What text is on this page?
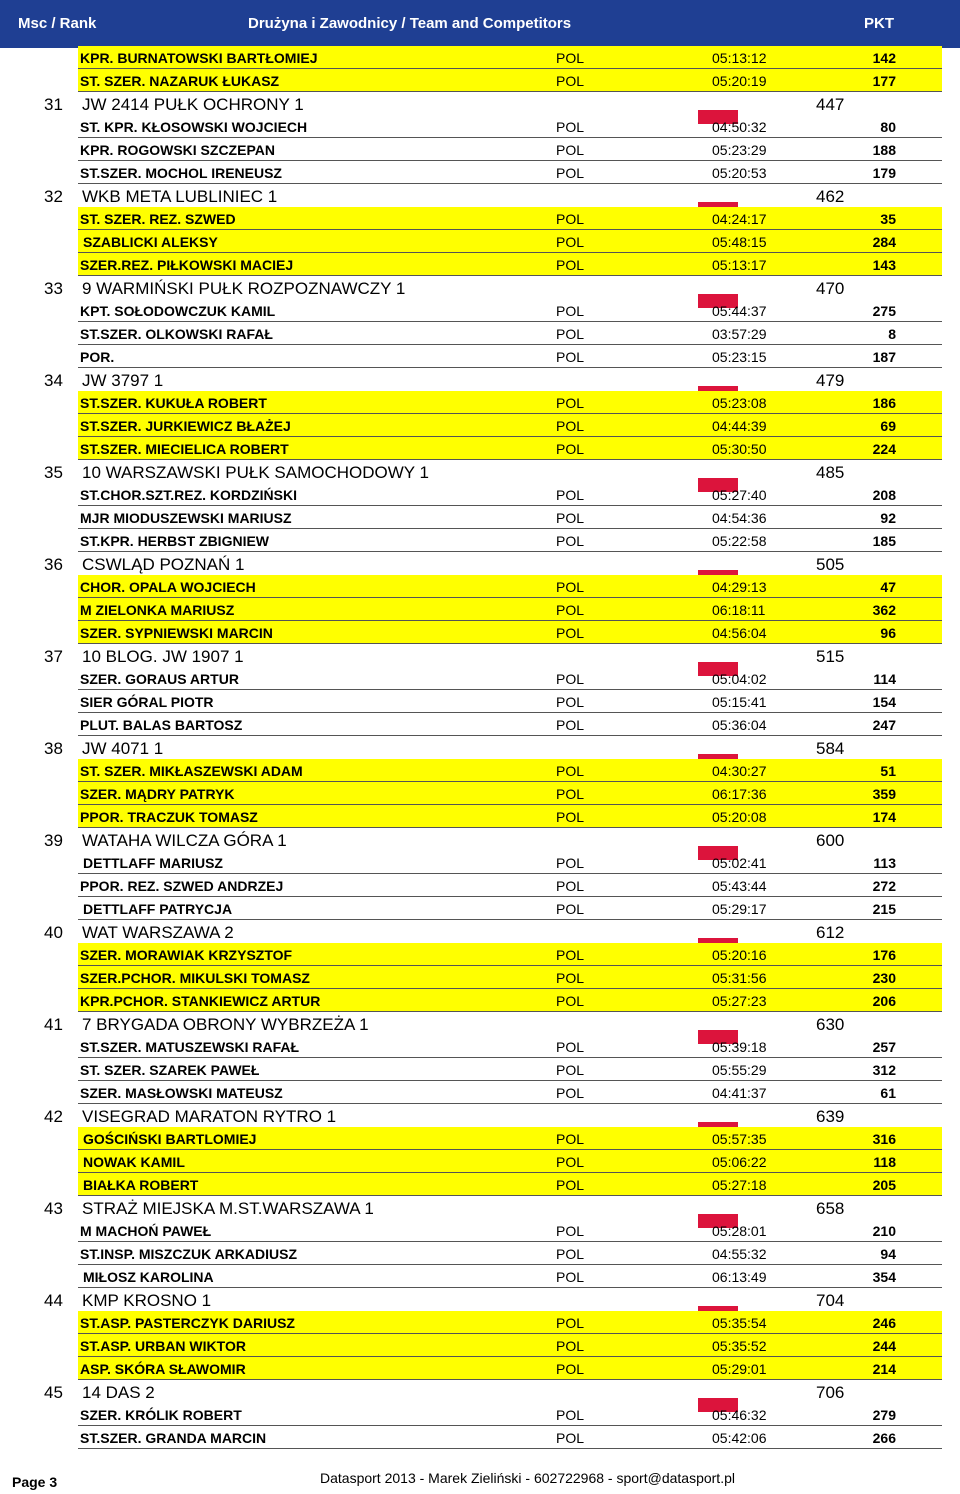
Msc / Rank	Drużyna i Zawodnicy / Team and Competitors	PKT
KPR. BURNATOWSKI BARTŁOMIEJ	POL	05:13:12	142
ST. SZER. NAZARUK ŁUKASZ	POL	05:20:19	177
31 JW 2414 PUŁK OCHRONY 1	447
ST. KPR. KŁOSOWSKI WOJCIECH	POL	04:50:32	80
KPR. ROGOWSKI SZCZEPAN	POL	05:23:29	188
ST.SZER. MOCHOL IRENEUSZ	POL	05:20:53	179
32 WKB META LUBLINIEC 1	462
ST. SZER. REZ. SZWED	POL	04:24:17	35
SZABLICKI ALEKSY	POL	05:48:15	284
SZER.REZ. PIŁKOWSKI MACIEJ	POL	05:13:17	143
33 9 WARMIŃSKI PUŁK ROZPOZNAWCZY 1	470
KPT. SOŁODOWCZUK KAMIL	POL	05:44:37	275
ST.SZER. OLKOWSKI RAFAŁ	POL	03:57:29	8
POR.	POL	05:23:15	187
34 JW 3797 1	479
ST.SZER. KUKUŁA ROBERT	POL	05:23:08	186
ST.SZER. JURKIEWICZ BŁAŻEJ	POL	04:44:39	69
ST.SZER. MIECIELICA ROBERT	POL	05:30:50	224
35 10 WARSZAWSKI PUŁK SAMOCHODOWY 1	485
ST.CHOR.SZT.REZ. KORDZIŃSKI	POL	05:27:40	208
MJR MIODUSZEWSKI MARIUSZ	POL	04:54:36	92
ST.KPR. HERBST ZBIGNIEW	POL	05:22:58	185
36 CSWLĄD POZNAŃ 1	505
CHOR. OPALA WOJCIECH	POL	04:29:13	47
M ZIELONKA MARIUSZ	POL	06:18:11	362
SZER. SYPNIEWSKI MARCIN	POL	04:56:04	96
37 10 BLOG. JW 1907 1	515
SZER. GORAUS ARTUR	POL	05:04:02	114
SIER GÓRAL PIOTR	POL	05:15:41	154
PLUT. BALAS BARTOSZ	POL	05:36:04	247
38 JW 4071 1	584
ST. SZER. MIKŁASZEWSKI ADAM	POL	04:30:27	51
SZER. MĄDRY PATRYK	POL	06:17:36	359
PPOR. TRACZUK TOMASZ	POL	05:20:08	174
39 WATAHA WILCZA GÓRA 1	600
DETTLAFF MARIUSZ	POL	05:02:41	113
PPOR. REZ. SZWED ANDRZEJ	POL	05:43:44	272
DETTLAFF PATRYCJA	POL	05:29:17	215
40 WAT WARSZAWA 2	612
SZER. MORAWIAK KRZYSZTOF	POL	05:20:16	176
SZER.PCHOR. MIKULSKI TOMASZ	POL	05:31:56	230
KPR.PCHOR. STANKIEWICZ ARTUR	POL	05:27:23	206
41 7 BRYGADA OBRONY WYBRZEŻA 1	630
ST.SZER. MATUSZEWSKI RAFAŁ	POL	05:39:18	257
ST. SZER. SZAREK PAWEŁ	POL	05:55:29	312
SZER. MASŁOWSKI MATEUSZ	POL	04:41:37	61
42 VISEGRAD MARATON RYTRO 1	639
GOŚCIŃSKI BARTLOMIEJ	POL	05:57:35	316
NOWAK KAMIL	POL	05:06:22	118
BIAŁKA ROBERT	POL	05:27:18	205
43 STRAŻ MIEJSKA M.ST.WARSZAWA 1	658
M MACHOŃ PAWEŁ	POL	05:28:01	210
ST.INSP. MISZCZUK ARKADIUSZ	POL	04:55:32	94
MIŁOSZ KAROLINA	POL	06:13:49	354
44 KMP KROSNO 1	704
ST.ASP. PASTERCZYK DARIUSZ	POL	05:35:54	246
ST.ASP. URBAN WIKTOR	POL	05:35:52	244
ASP. SKÓRA SŁAWOMIR	POL	05:29:01	214
45 14 DAS 2	706
SZER. KRÓLIK ROBERT	POL	05:46:32	279
ST.SZER. GRANDA MARCIN	POL	05:42:06	266
Page 3	Datasport 2013 - Marek Zieliński - 602722968 - sport@datasport.pl
